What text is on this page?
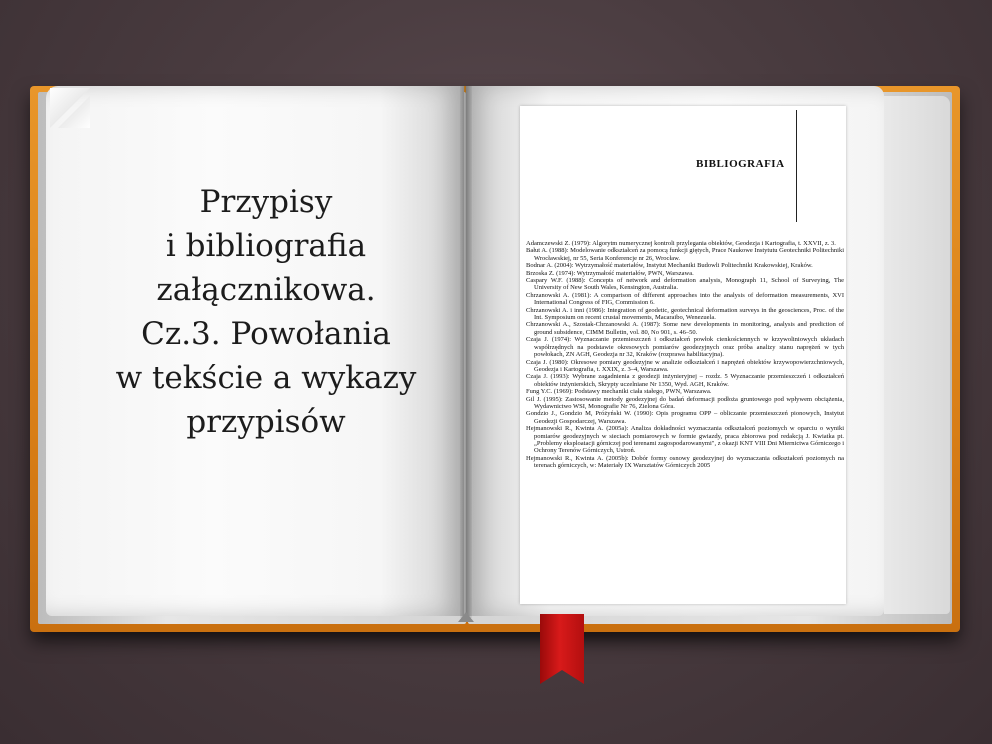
Przypisy
i bibliografia
załącznikowa.
Cz.3. Powołania
w tekście a wykazy
przypisów
BIBLIOGRAFIA

Adamczewski Z. (1979): Algorytm numerycznej kontroli przylegania obiektów, Geodezja i Kartografia, t. XXVII, z. 3.

Bałut A. (1988): Modelowanie odkształceń za pomocą funkcji giętych, Prace Naukowe Instytutu Geotechniki Politechniki Wrocławskiej, nr 55, Seria Konferencje nr 26, Wrocław.

Bodnar A. (2004): Wytrzymałość materiałów, Instytut Mechaniki Budowli Politechniki Krakowskiej, Kraków.

Brzoska Z. (1974): Wytrzymałość materiałów, PWN, Warszawa.

Caspary W.F. (1988): Concepts of network and deformation analysis, Monograph 11, School of Surveying, The University of New South Wales, Kensington, Australia.

Chrzanowski A. (1981): A comparison of different approaches into the analysis of deformation measurements, XVI International Congress of FIG, Commission 6.

Chrzanowski A. i inni (1986): Integration of geodetic, geotechnical deformation surveys in the geosciences, Proc. of the Int. Symposium on recent crustal movements, Macaraibo, Wenezuela.

Chrzanowski A., Szostak-Chrzanowski A. (1987): Some new developments in monitoring, analysis and prediction of ground subsidence, CIMM Bulletin, vol. 80, No 901, s. 46–50.

Czaja J. (1974): Wyznaczanie przemieszczeń i odkształceń powłok cienkościennych w krzywoliniowych układach współrzędnych na podstawie okresowych pomiarów geodezyjnych oraz próba analizy stanu naprężeń w tych powłokach, ZN AGH, Geodezja nr 32, Kraków (rozprawa habilitacyjna).

Czaja J. (1980): Okresowe pomiary geodezyjne w analizie odkształceń i naprężeń obiektów krzywopowierzchniowych, Geodezja i Kartografia, t. XXIX, z. 3–4, Warszawa.

Czaja J. (1993): Wybrane zagadnienia z geodezji inżynieryjnej – rozdz. 5 Wyznaczanie przemieszczeń i odkształceń obiektów inżynierskich, Skrypty uczelniane Nr 1350, Wyd. AGH, Kraków.

Fung Y.C. (1969): Podstawy mechaniki ciała stałego, PWN, Warszawa.

Gil J. (1995): Zastosowanie metody geodezyjnej do badań deformacji podłoża gruntowego pod wpływem obciążenia, Wydawnictwo WSI, Monografie Nr 76, Zielona Góra.

Gondzio J., Gondzio M, Próżyński W. (1990): Opis programu OPP – obliczanie przemieszczeń pionowych, Instytut Geodezji Gospodarczej, Warszawa.

Hejmanowski R., Kwinta A. (2005a): Analiza dokładności wyznaczania odkształceń poziomych w oparciu o wyniki pomiarów geodezyjnych w sieciach pomiarowych w formie gwiazdy, praca zbiorowa pod redakcją J. Kwiatka pt. „Problemy eksploatacji górniczej pod terenami zagospodarowanymi", z okazji KNT VIII Dni Miernictwa Górniczego i Ochrony Terenów Górniczych, Ustroń.

Hejmanowski R., Kwinta A. (2005b): Dobór formy osnowy geodezyjnej do wyznaczania odkształceń poziomych na terenach górniczych, w: Materiały IX Warsztatów Górniczych 2005
